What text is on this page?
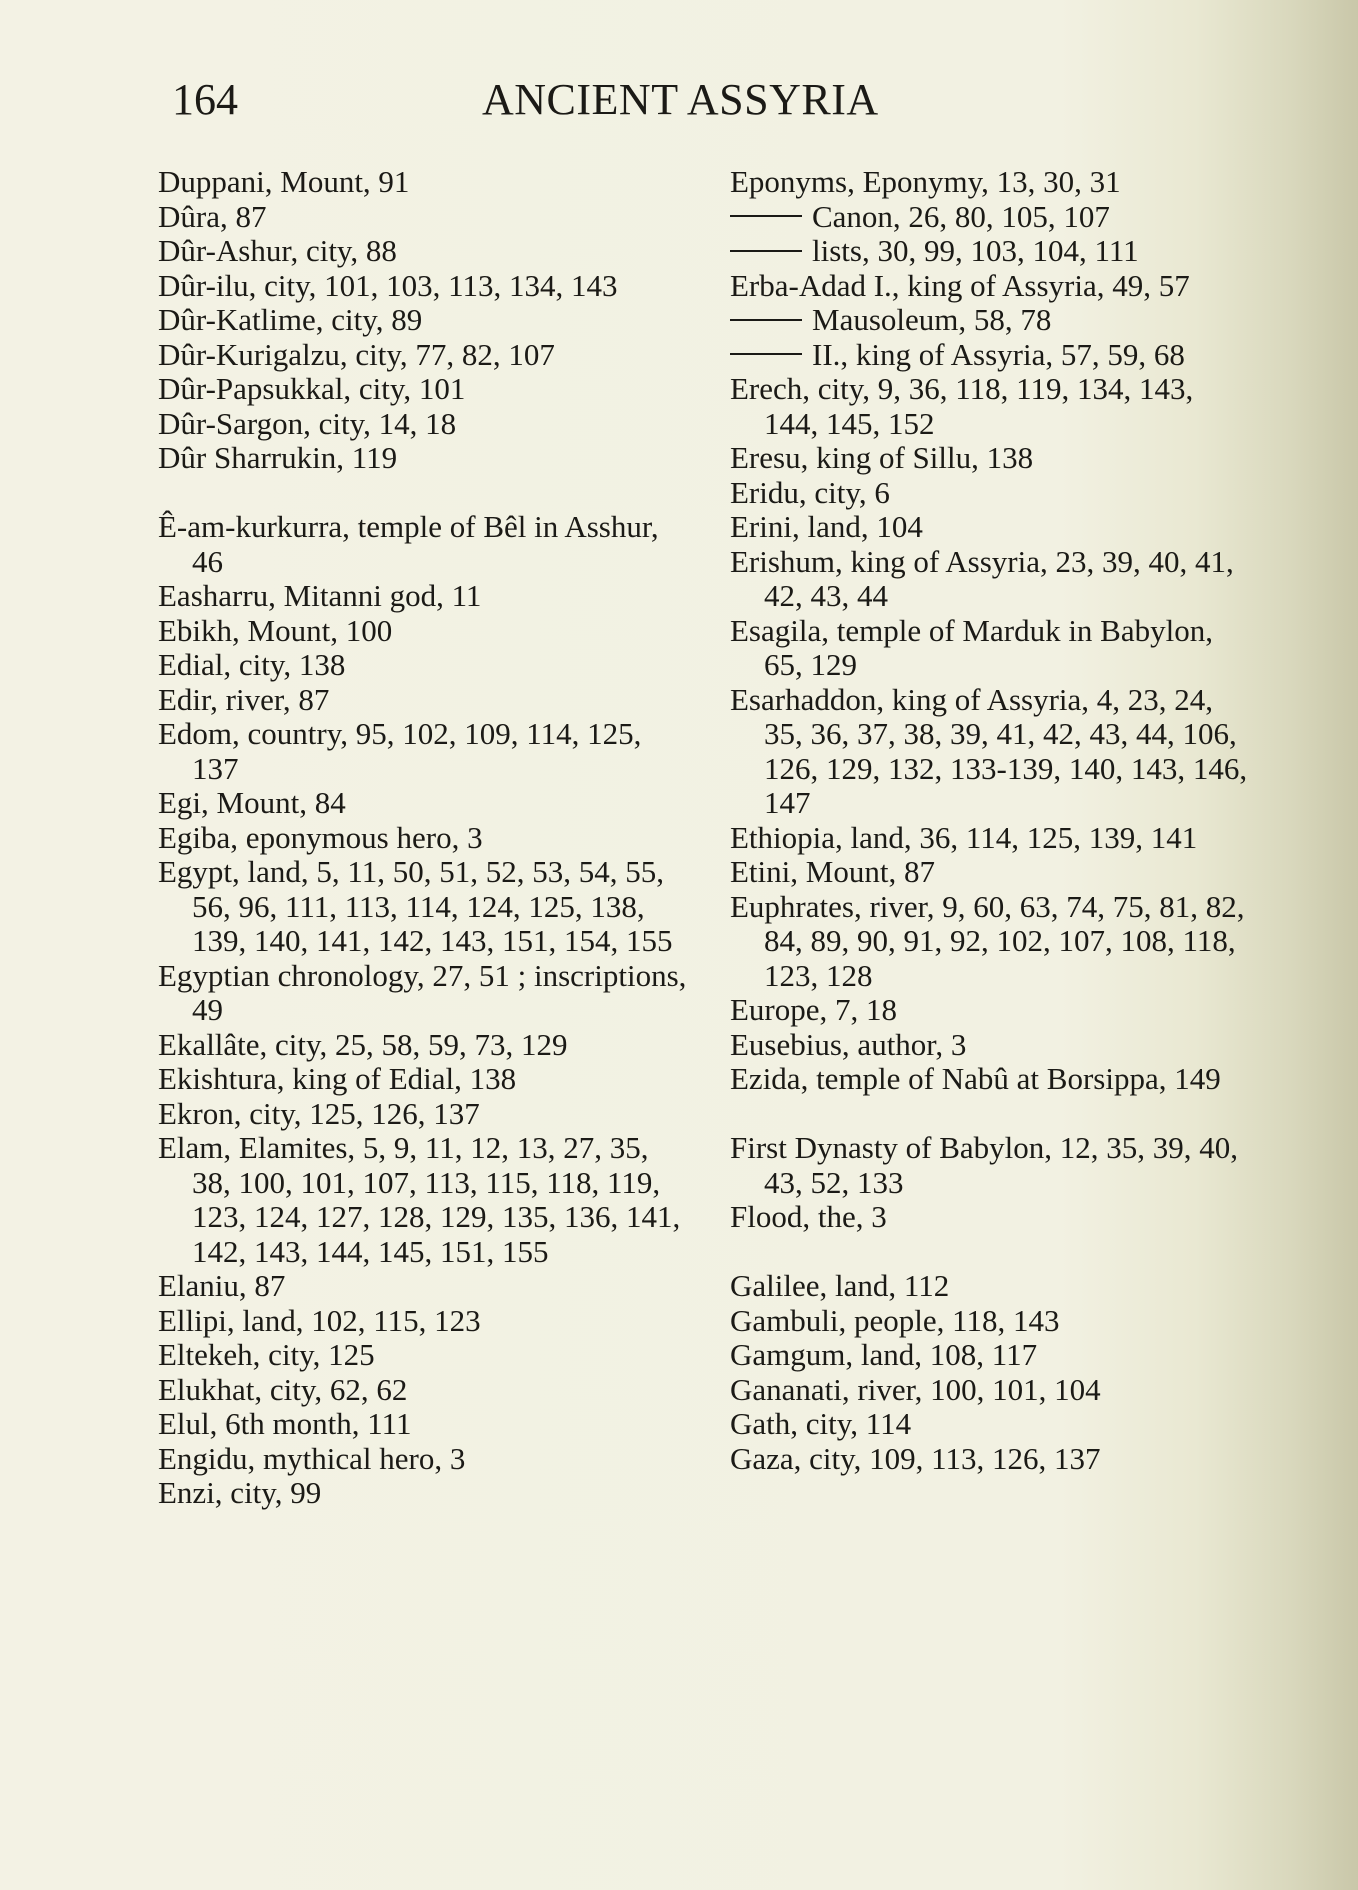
164	ANCIENT ASSYRIA
Duppani, Mount, 91
Dûra, 87
Dûr-Ashur, city, 88
Dûr-ilu, city, 101, 103, 113, 134, 143
Dûr-Katlime, city, 89
Dûr-Kurigalzu, city, 77, 82, 107
Dûr-Papsukkal, city, 101
Dûr-Sargon, city, 14, 18
Dûr Sharrukin, 119
Ê-am-kurkurra, temple of Bêl in Asshur, 46
Easharru, Mitanni god, 11
Ebikh, Mount, 100
Edial, city, 138
Edir, river, 87
Edom, country, 95, 102, 109, 114, 125, 137
Egi, Mount, 84
Egiba, eponymous hero, 3
Egypt, land, 5, 11, 50, 51, 52, 53, 54, 55, 56, 96, 111, 113, 114, 124, 125, 138, 139, 140, 141, 142, 143, 151, 154, 155
Egyptian chronology, 27, 51 ; inscriptions, 49
Ekallâte, city, 25, 58, 59, 73, 129
Ekishtura, king of Edial, 138
Ekron, city, 125, 126, 137
Elam, Elamites, 5, 9, 11, 12, 13, 27, 35, 38, 100, 101, 107, 113, 115, 118, 119, 123, 124, 127, 128, 129, 135, 136, 141, 142, 143, 144, 145, 151, 155
Elaniu, 87
Ellipi, land, 102, 115, 123
Eltekeh, city, 125
Elukhat, city, 62, 62
Elul, 6th month, 111
Engidu, mythical hero, 3
Enzi, city, 99
Eponyms, Eponymy, 13, 30, 31
Canon, 26, 80, 105, 107
lists, 30, 99, 103, 104, 111
Erba-Adad I., king of Assyria, 49, 57
Mausoleum, 58, 78
II., king of Assyria, 57, 59, 68
Erech, city, 9, 36, 118, 119, 134, 143, 144, 145, 152
Eresu, king of Sillu, 138
Eridu, city, 6
Erini, land, 104
Erishum, king of Assyria, 23, 39, 40, 41, 42, 43, 44
Esagila, temple of Marduk in Babylon, 65, 129
Esarhaddon, king of Assyria, 4, 23, 24, 35, 36, 37, 38, 39, 41, 42, 43, 44, 106, 126, 129, 132, 133-139, 140, 143, 146, 147
Ethiopia, land, 36, 114, 125, 139, 141
Etini, Mount, 87
Euphrates, river, 9, 60, 63, 74, 75, 81, 82, 84, 89, 90, 91, 92, 102, 107, 108, 118, 123, 128
Europe, 7, 18
Eusebius, author, 3
Ezida, temple of Nabû at Borsippa, 149
First Dynasty of Babylon, 12, 35, 39, 40, 43, 52, 133
Flood, the, 3
Galilee, land, 112
Gambuli, people, 118, 143
Gamgum, land, 108, 117
Gananati, river, 100, 101, 104
Gath, city, 114
Gaza, city, 109, 113, 126, 137
